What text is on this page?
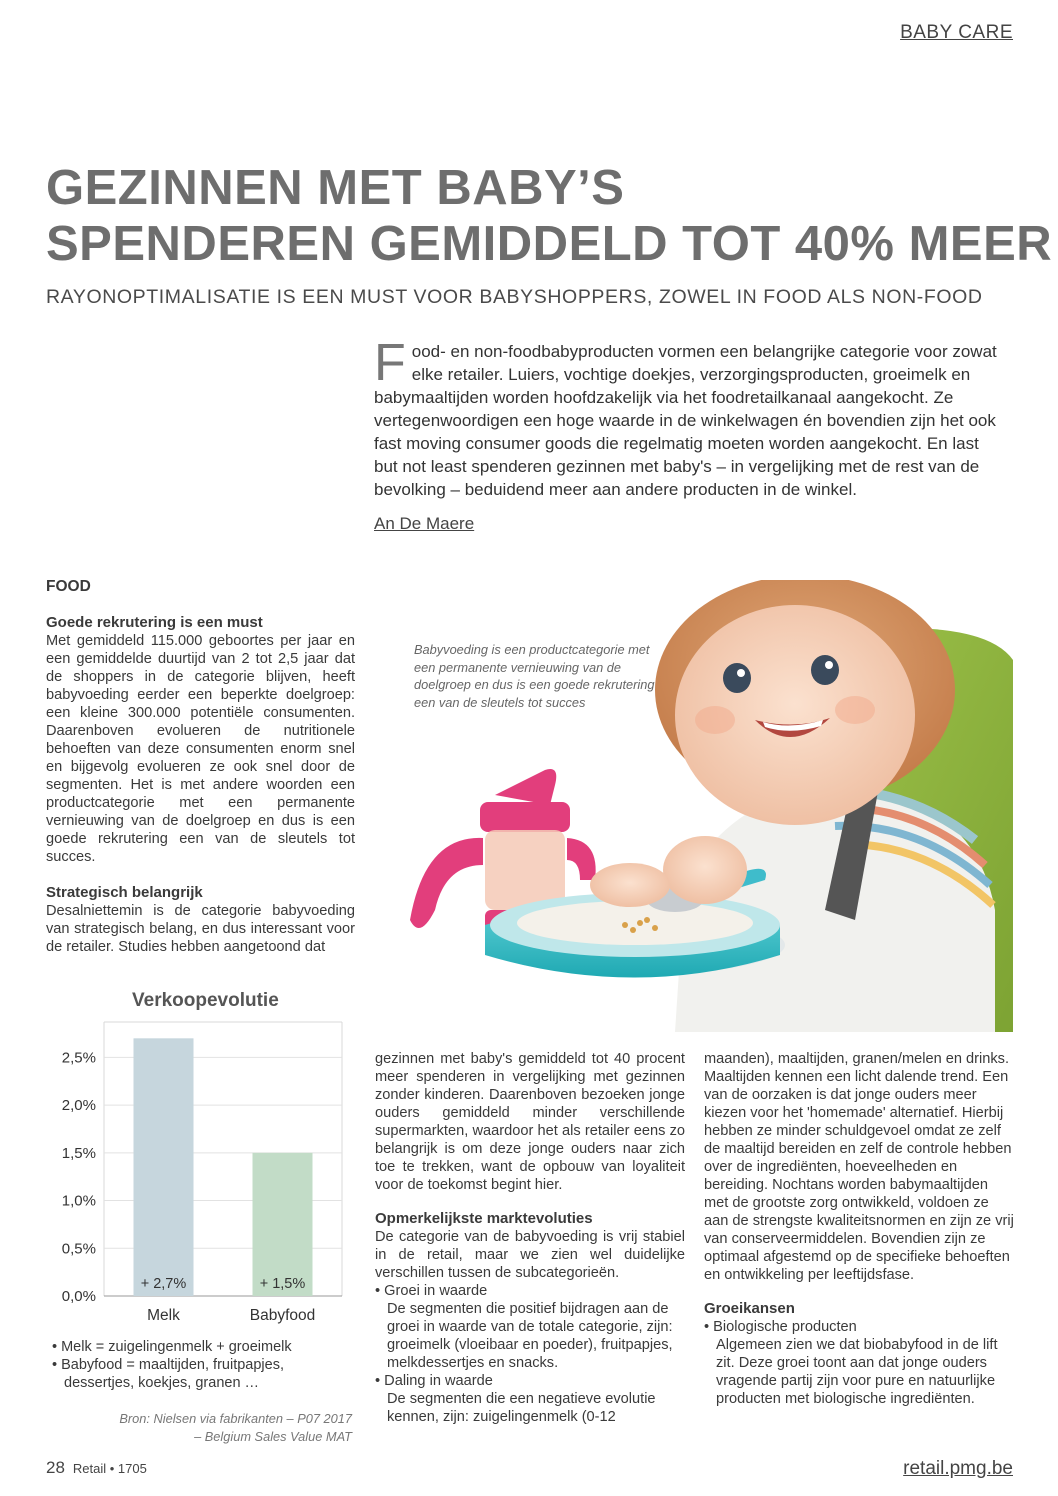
BABY CARE
GEZINNEN MET BABY’S
SPENDEREN GEMIDDELD TOT 40% MEER
RAYONOPTIMALISATIE IS EEN MUST VOOR BABYSHOPPERS, ZOWEL IN FOOD ALS NON-FOOD
Food- en non-foodbabyproducten vormen een belangrijke categorie voor zowat elke retailer. Luiers, vochtige doekjes, verzorgingsproducten, groeimelk en babymaaltijden worden hoofdzakelijk via het foodretailkanaal aangekocht. Ze vertegenwoordigen een hoge waarde in de winkelwagen én bovendien zijn het ook fast moving consumer goods die regelmatig moeten worden aangekocht. En last but not least spenderen gezinnen met baby's – in vergelijking met de rest van de bevolking – beduidend meer aan andere producten in de winkel.
An De Maere
FOOD
Goede rekrutering is een must

Met gemiddeld 115.000 geboortes per jaar en een gemiddelde duurtijd van 2 tot 2,5 jaar dat de shoppers in de categorie blijven, heeft babyvoeding eerder een beperkte doelgroep: een kleine 300.000 potentiële consumenten. Daarenboven evolueren de nutritionele behoeften van deze consumenten enorm snel en bijgevolg evolueren ze ook snel door de segmenten. Het is met andere woorden een productcategorie met een permanente vernieuwing van de doelgroep en dus is een goede rekrutering een van de sleutels tot succes.

Strategisch belangrijk

Desalniettemin is de categorie babyvoeding van strategisch belang, en dus interessant voor de retailer. Studies hebben aangetoond dat

Babyvoeding is een productcategorie met een permanente vernieuwing van de doelgroep en dus is een goede rekrutering een van de sleutels tot succes
Verkoopevolutie
0,0%
0,5%
1,0%
1,5%
2,0%
2,5%
Melk	Babyfood
+ 2,7%	+ 1,5%
• Melk = zuigelingenmelk + groeimelk
• Babyfood = maaltijden, fruitpapjes,
dessertjes, koekjes, granen …
Bron: Nielsen via fabrikanten – P07 2017
– Belgium Sales Value MAT

gezinnen met baby's gemiddeld tot 40 procent meer spenderen in vergelijking met gezinnen zonder kinderen. Daarenboven bezoeken jonge ouders gemiddeld minder verschillende supermarkten, waardoor het als retailer eens zo belangrijk is om deze jonge ouders naar zich toe te trekken, want de opbouw van loyaliteit voor de toekomst begint hier.

Opmerkelijkste marktevoluties

De categorie van de babyvoeding is vrij stabiel in de retail, maar we zien wel duidelijke verschillen tussen de subcategorieën.

• Groei in waarde
De segmenten die positief bijdragen aan de groei in waarde van de totale categorie, zijn: groeimelk (vloeibaar en poeder), fruitpapjes, melkdessertjes en snacks.
• Daling in waarde
De segmenten die een negatieve evolutie kennen, zijn: zuigelingenmelk (0-12

maanden), maaltijden, granen/melen en drinks. Maaltijden kennen een licht dalende trend. Een van de oorzaken is dat jonge ouders meer kiezen voor het 'homemade' alternatief. Hierbij hebben ze minder schuldgevoel omdat ze zelf de maaltijd bereiden en zelf de controle hebben over de ingrediënten, hoeveelheden en bereiding. Nochtans worden babymaaltijden met de grootste zorg ontwikkeld, voldoen ze aan de strengste kwaliteitsnormen en zijn ze vrij van conserveermiddelen. Bovendien zijn ze optimaal afgestemd op de specifieke behoeften en ontwikkeling per leeftijdsfase.

Groeikansen
• Biologische producten
Algemeen zien we dat biobabyfood in de lift zit. Deze groei toont aan dat jonge ouders vragende partij zijn voor pure en natuurlijke producten met biologische ingrediënten.
28 Retail • 1705	retail.pmg.be
